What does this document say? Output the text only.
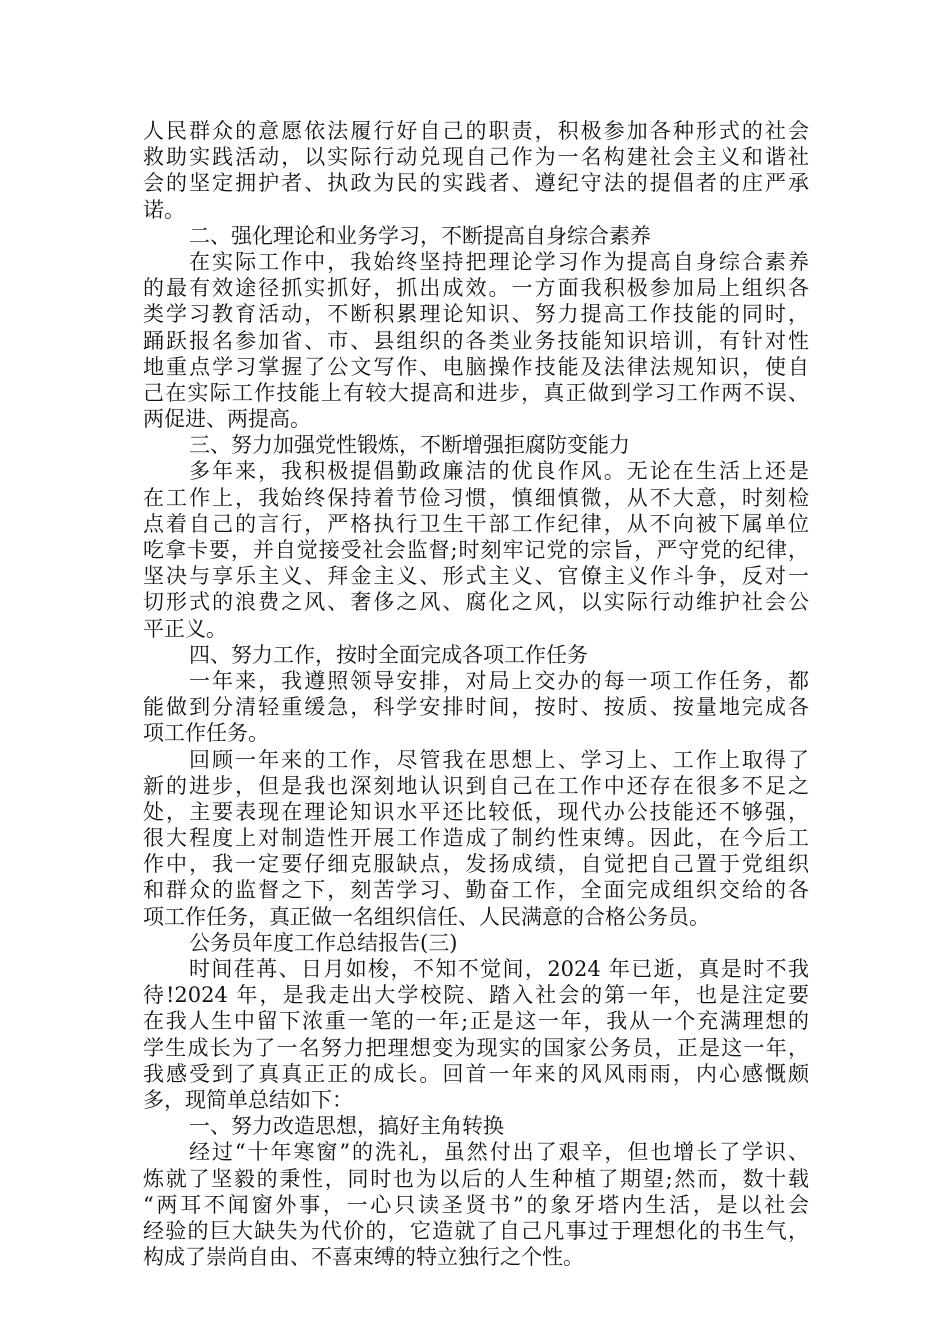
人民群众的意愿依法履行好自己的职责，积极参加各种形式的社会
救助实践活动，以实际行动兑现自己作为一名构建社会主义和谐社
会的坚定拥护者、执政为民的实践者、遵纪守法的提倡者的庄严承
诺。
二、强化理论和业务学习，不断提高自身综合素养
在实际工作中，我始终坚持把理论学习作为提高自身综合素养
的最有效途径抓实抓好，抓出成效。一方面我积极参加局上组织各
类学习教育活动，不断积累理论知识、努力提高工作技能的同时，
踊跃报名参加省、市、县组织的各类业务技能知识培训，有针对性
地重点学习掌握了公文写作、电脑操作技能及法律法规知识，使自
己在实际工作技能上有较大提高和进步，真正做到学习工作两不误、
两促进、两提高。
三、努力加强党性锻炼，不断增强拒腐防变能力
多年来，我积极提倡勤政廉洁的优良作风。无论在生活上还是
在工作上，我始终保持着节俭习惯，慎细慎微，从不大意，时刻检
点着自己的言行，严格执行卫生干部工作纪律，从不向被下属单位
吃拿卡要，并自觉接受社会监督;时刻牢记党的宗旨，严守党的纪律，
坚决与享乐主义、拜金主义、形式主义、官僚主义作斗争，反对一
切形式的浪费之风、奢侈之风、腐化之风，以实际行动维护社会公
平正义。
四、努力工作，按时全面完成各项工作任务
一年来，我遵照领导安排，对局上交办的每一项工作任务，都
能做到分清轻重缓急，科学安排时间，按时、按质、按量地完成各
项工作任务。
回顾一年来的工作，尽管我在思想上、学习上、工作上取得了
新的进步，但是我也深刻地认识到自己在工作中还存在很多不足之
处，主要表现在理论知识水平还比较低，现代办公技能还不够强，
很大程度上对制造性开展工作造成了制约性束缚。因此，在今后工
作中，我一定要仔细克服缺点，发扬成绩，自觉把自己置于党组织
和群众的监督之下，刻苦学习、勤奋工作，全面完成组织交给的各
项工作任务，真正做一名组织信任、人民满意的合格公务员。
公务员年度工作总结报告(三)
时间荏苒、日月如梭，不知不觉间，2024 年已逝，真是时不我
待!2024 年，是我走出大学校院、踏入社会的第一年，也是注定要
在我人生中留下浓重一笔的一年;正是这一年，我从一个充满理想的
学生成长为了一名努力把理想变为现实的国家公务员，正是这一年，
我感受到了真真正正的成长。回首一年来的风风雨雨，内心感慨颇
多，现简单总结如下：
一、努力改造思想，搞好主角转换
经过“十年寒窗”的洗礼，虽然付出了艰辛，但也增长了学识、
炼就了坚毅的秉性，同时也为以后的人生种植了期望;然而，数十载
“两耳不闻窗外事，一心只读圣贤书”的象牙塔内生活，是以社会
经验的巨大缺失为代价的，它造就了自己凡事过于理想化的书生气，
构成了崇尚自由、不喜束缚的特立独行之个性。
